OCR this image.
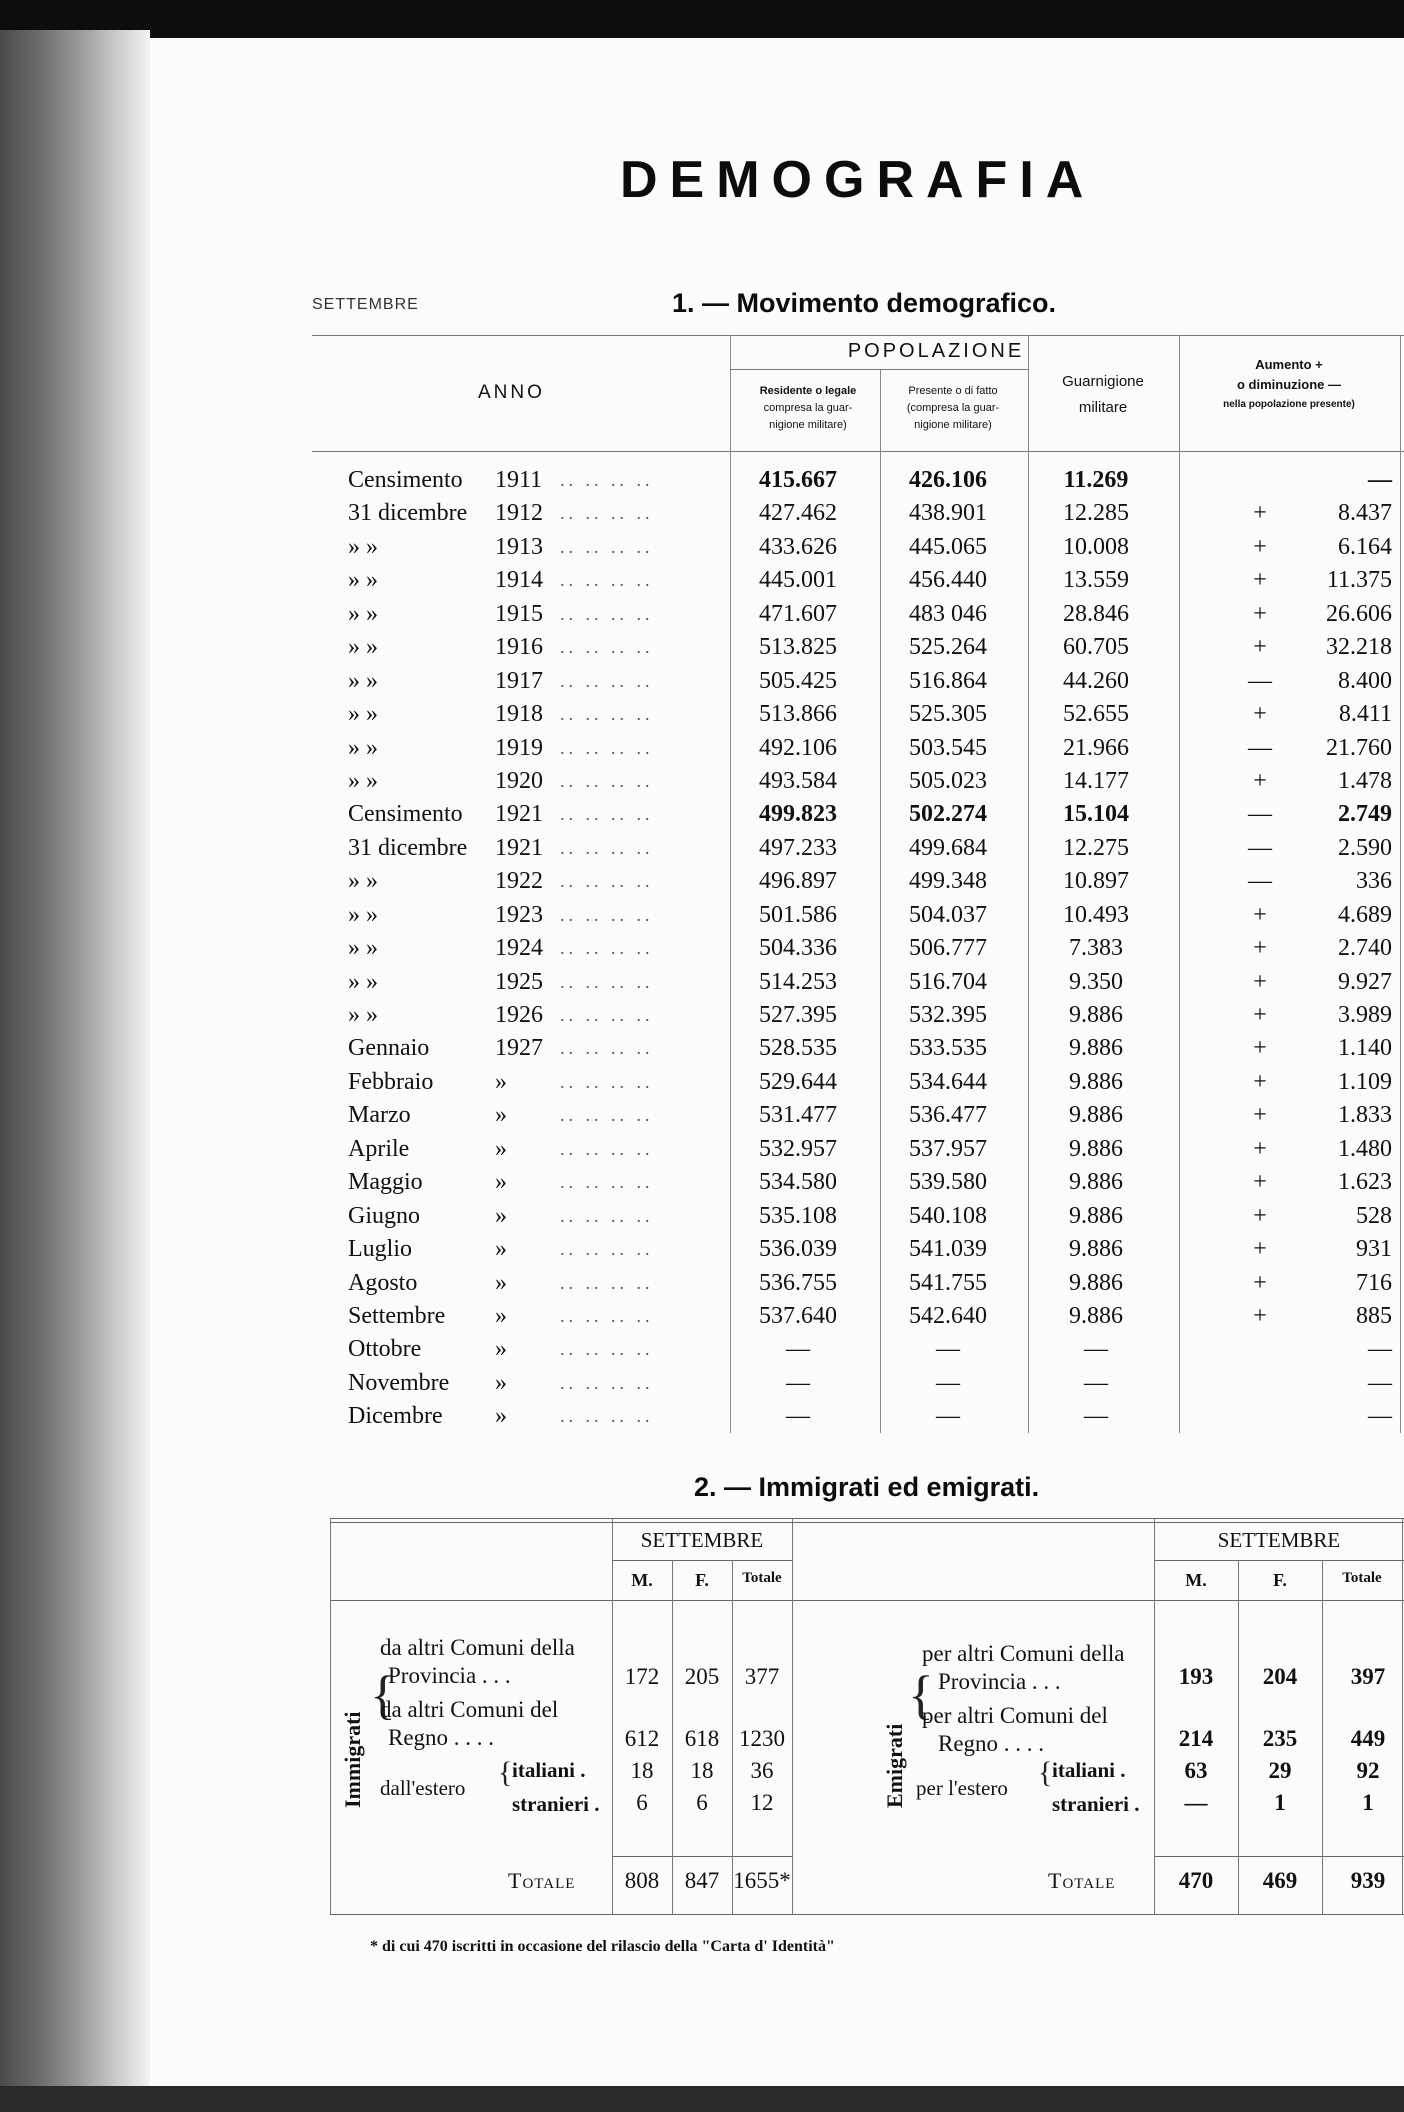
DEMOGRAFIA
SETTEMBRE	1. — Movimento demografico.
ANNO
POPOLAZIONE
Residente o legale
compresa la guar-
nigione militare)
Presente o di fatto
(compresa la guar-
nigione militare)
Guarnigione
militare
Aumento +
o diminuzione —
nella popolazione presente)
Censimento 1911	415.667	426.106	11.269	—
.. .. .. ..
31 dicembre 1912	427.462	438.901	12.285	+	8.437
.. .. .. ..
» »	1913	433.626	445.065	10.008	+	6.164
.. .. .. ..
» »	1914	445.001	456.440	13.559	+	11.375
.. .. .. ..
» »	1915	471.607	483 046	28.846	+	26.606
.. .. .. ..
» »	1916	513.825	525.264	60.705	+	32.218
.. .. .. ..
» »	1917	505.425	516.864	44.260	—	8.400
.. .. .. ..
» »	1918	513.866	525.305	52.655	+	8.411
.. .. .. ..
» »	1919	492.106	503.545	21.966	—	21.760
.. .. .. ..
» »	1920	493.584	505.023	14.177	+	1.478
.. .. .. ..
Censimento 1921	499.823	502.274	15.104	—	2.749
.. .. .. ..
31 dicembre 1921	497.233	499.684	12.275	—	2.590
.. .. .. ..
» »	1922	496.897	499.348	10.897	—	336
.. .. .. ..
» »	1923	501.586	504.037	10.493	+	4.689
.. .. .. ..
» »	1924	504.336	506.777	7.383	+	2.740
.. .. .. ..
» »	1925	514.253	516.704	9.350	+	9.927
.. .. .. ..
» »	1926	527.395	532.395	9.886	+	3.989
.. .. .. ..
Gennaio	1927	528.535	533.535	9.886	+	1.140
.. .. .. ..
Febbraio	»	529.644	534.644	9.886	+	1.109
.. .. .. ..
Marzo	»	531.477	536.477	9.886	+	1.833
.. .. .. ..
Aprile	»	532.957	537.957	9.886	+	1.480
.. .. .. ..
Maggio	»	534.580	539.580	9.886	+	1.623
.. .. .. ..
Giugno	»	535.108	540.108	9.886	+	528
.. .. .. ..
Luglio	»	536.039	541.039	9.886	+	931
.. .. .. ..
Agosto	»	536.755	541.755	9.886	+	716
.. .. .. ..
Settembre »	537.640	542.640	9.886	+	885
.. .. .. ..
Ottobre	»	—	—	—	—
.. .. .. ..
Novembre »	—	—	—	—
.. .. .. ..
Dicembre »	—	—	—	—
.. .. .. ..
2. — Immigrati ed emigrati.
SETTEMBRE
M.	F.	Totale
Immigrati
{
da altri Comuni della
Provincia . . .	172	205	377
da altri Comuni del
Regno . . . .	612	618 1230
dall'estero { italiani .	18	18	36
stranieri .	6	6	12
Totale	808	847 1655*
SETTEMBRE
M.	F.	Totale
Emigrati
{
per altri Comuni della
Provincia . . .	193	204	397
per altri Comuni del
Regno . . . .	214	235	449
per l'estero { italiani .	63	29	92
stranieri .	—	1	1
Totale	470	469	939
* di cui 470 iscritti in occasione del rilascio della "Carta d' Identità"
